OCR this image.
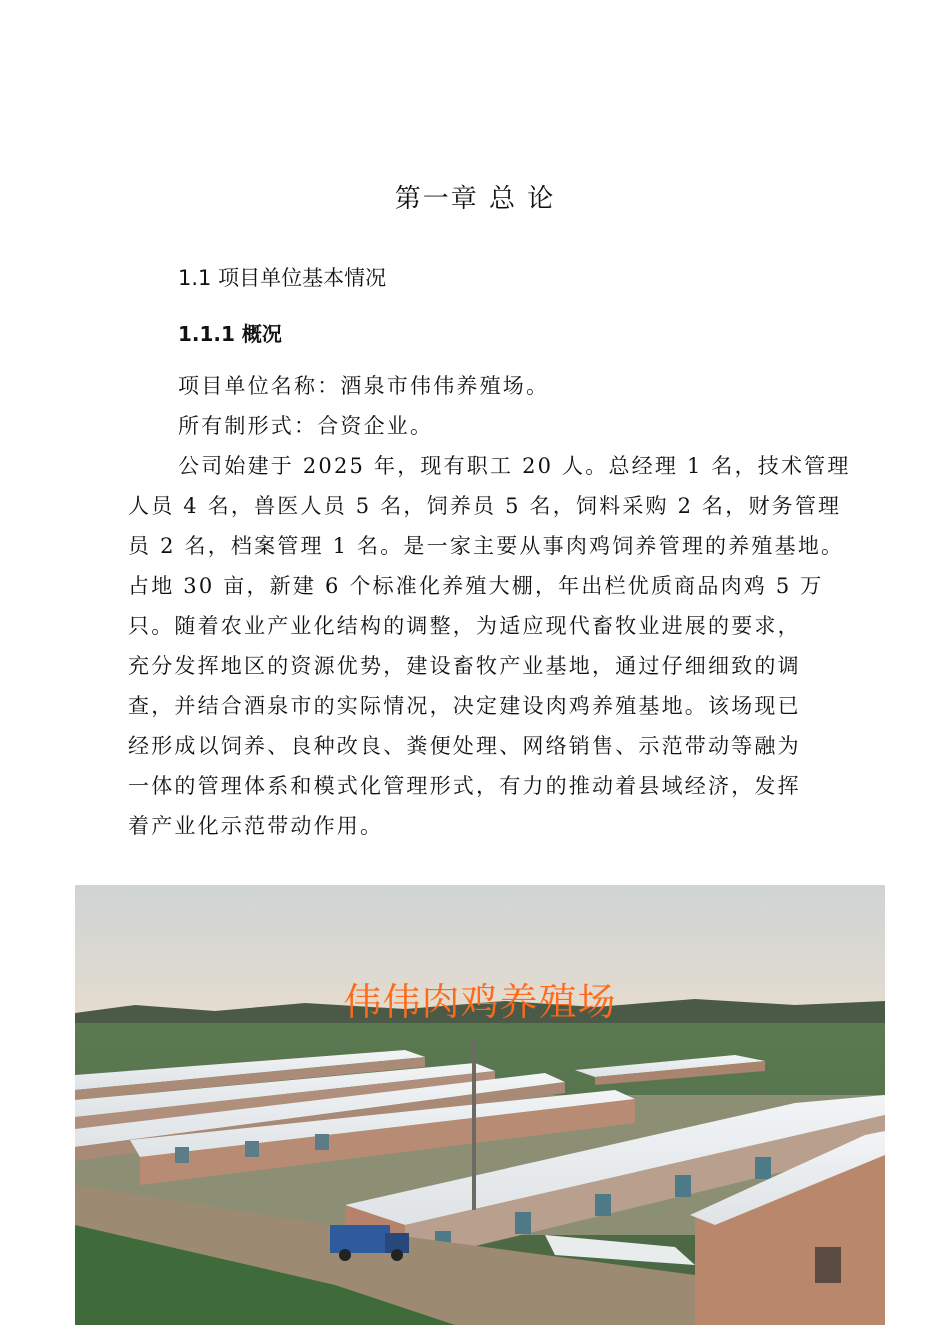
第一章 总 论
1.1 项目单位基本情况
1.1.1 概况
项目单位名称：酒泉市伟伟养殖场。
所有制形式：合资企业。
公司始建于 2025 年，现有职工 20 人。总经理 1 名，技术管理
人员 4 名，兽医人员 5 名，饲养员 5 名，饲料采购 2 名，财务管理
员 2 名，档案管理 1 名。是一家主要从事肉鸡饲养管理的养殖基地。
占地 30 亩，新建 6 个标准化养殖大棚，年出栏优质商品肉鸡 5 万
只。随着农业产业化结构的调整，为适应现代畜牧业进展的要求，
充分发挥地区的资源优势，建设畜牧产业基地，通过仔细细致的调
查，并结合酒泉市的实际情况，决定建设肉鸡养殖基地。该场现已
经形成以饲养、良种改良、粪便处理、网络销售、示范带动等融为
一体的管理体系和模式化管理形式，有力的推动着县域经济，发挥
着产业化示范带动作用。
伟伟肉鸡养殖场
